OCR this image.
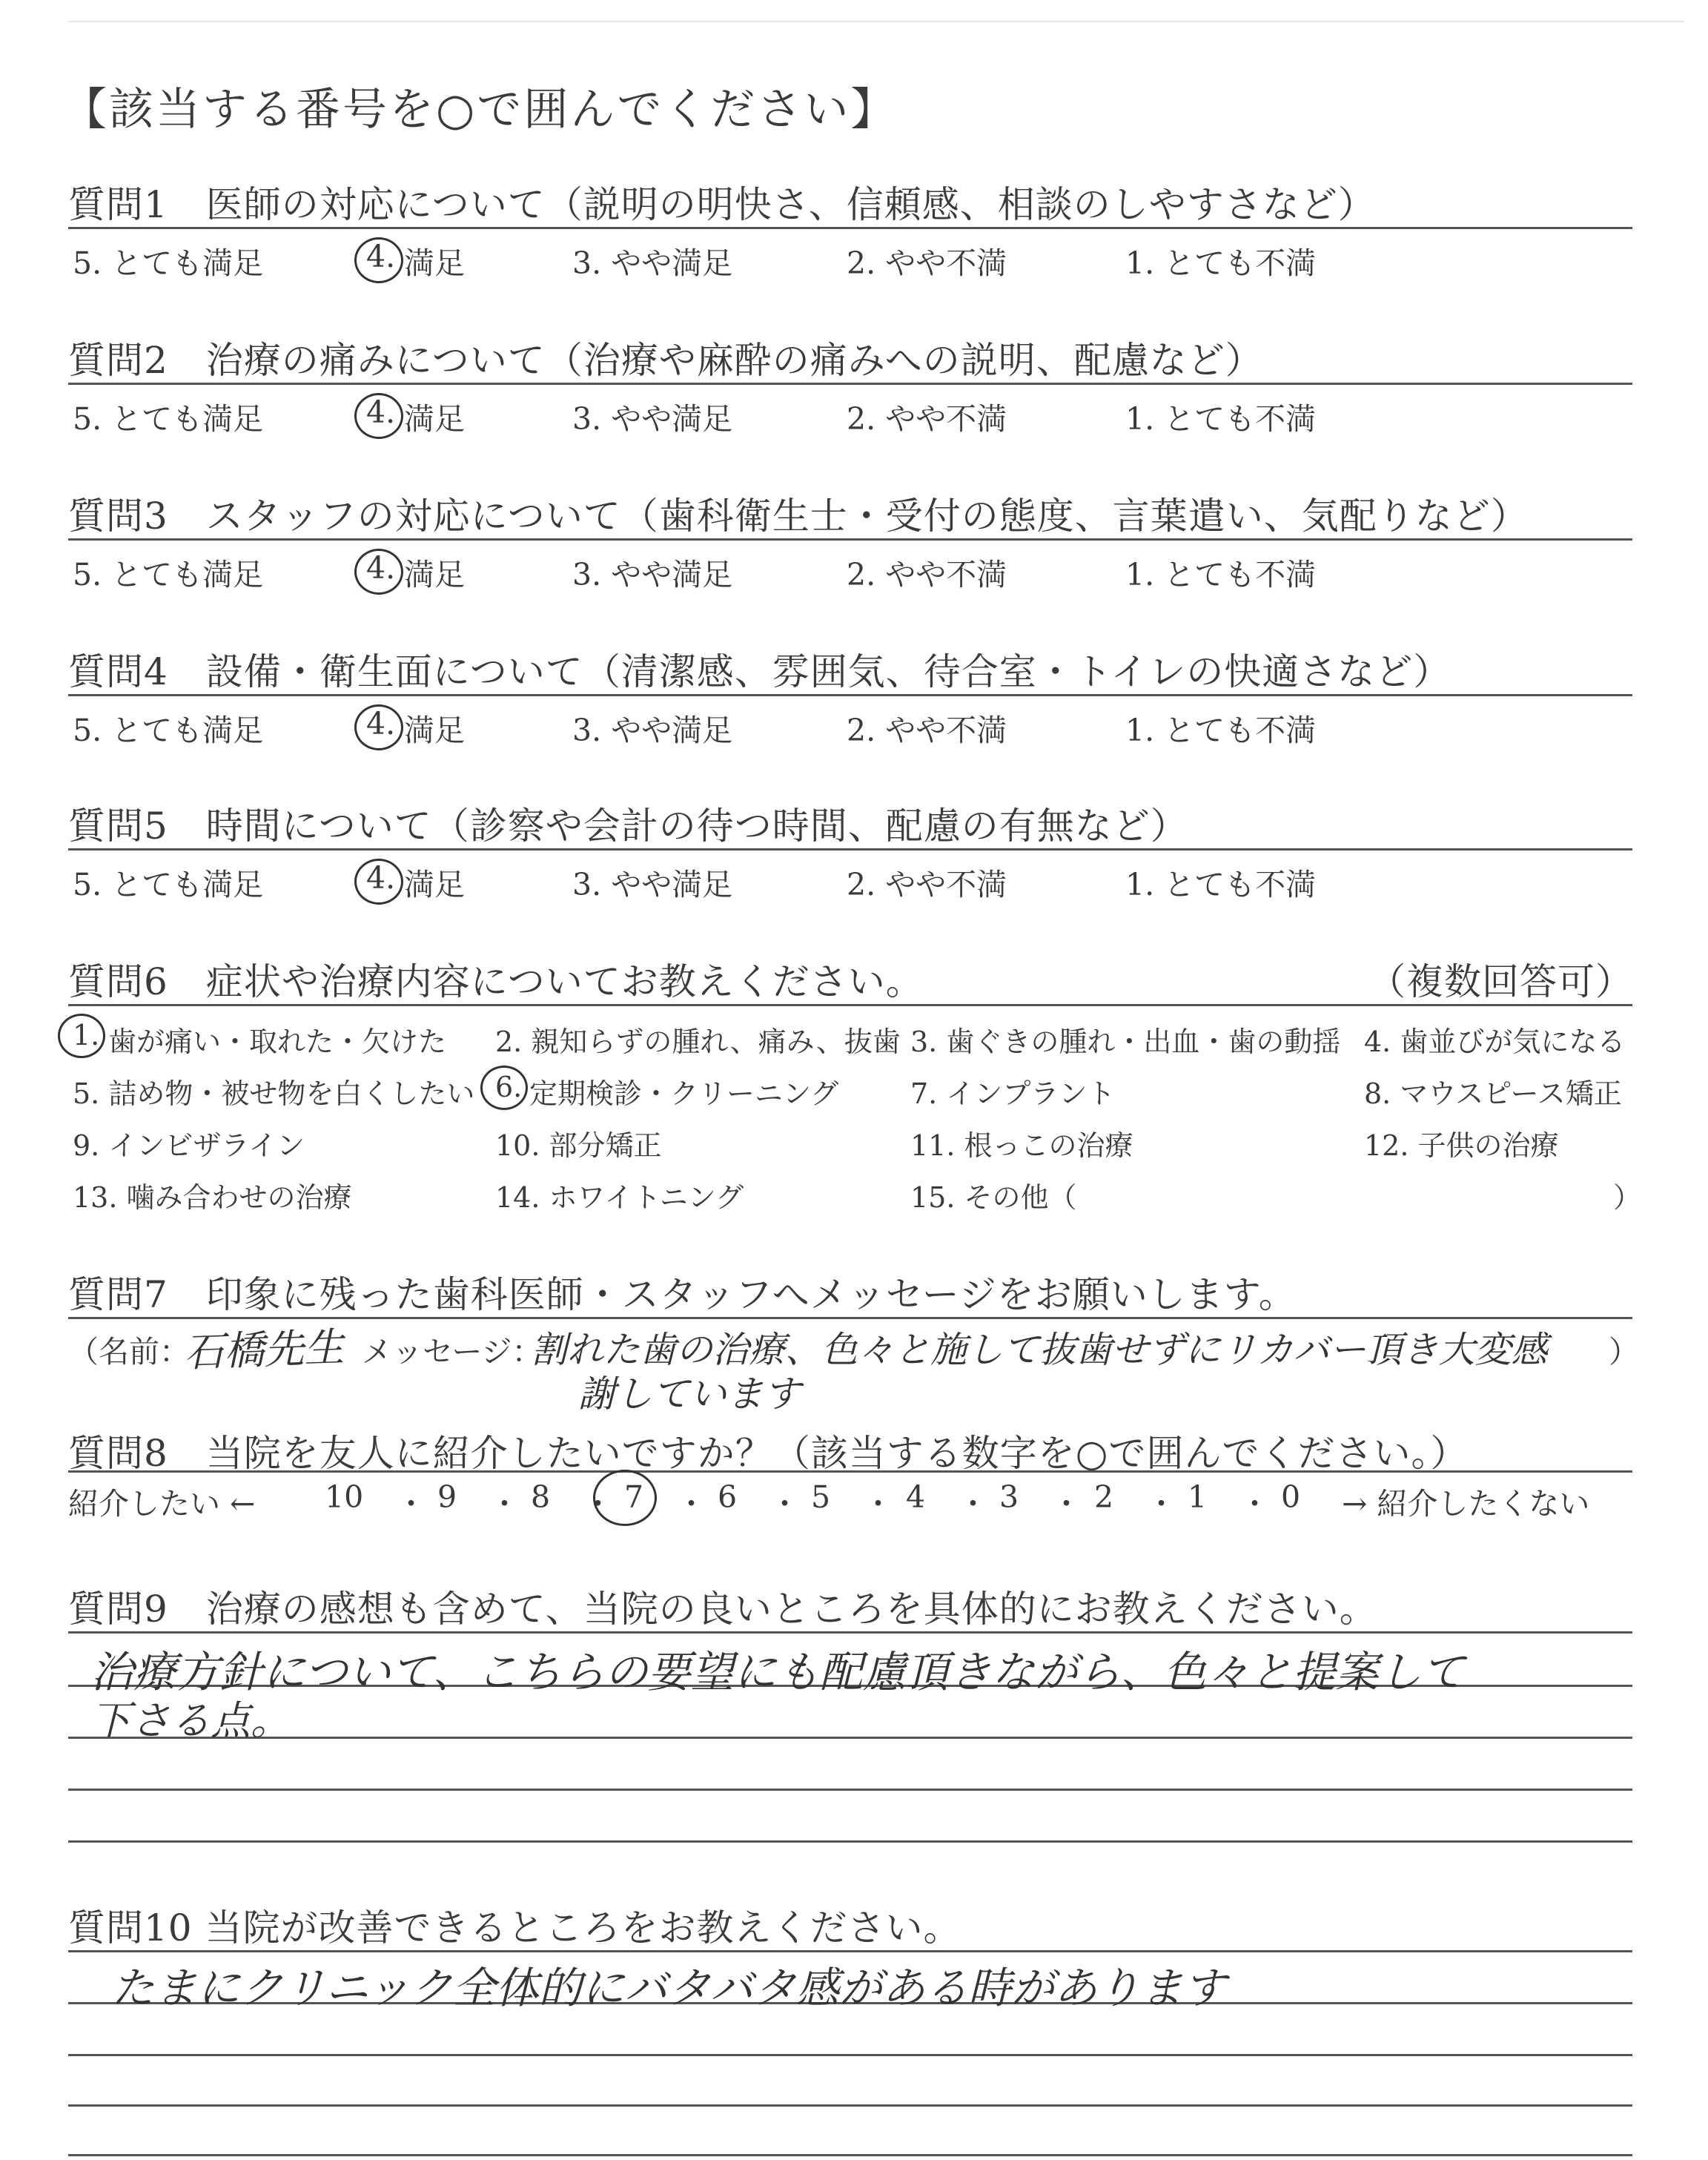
【該当する番号を○で囲んでください】
質問1　医師の対応について（説明の明快さ、信頼感、相談のしやすさなど）
5. とても満足	4. 満足	3. やや満足	2. やや不満	1. とても不満
質問2　治療の痛みについて（治療や麻酔の痛みへの説明、配慮など）
5. とても満足	4. 満足	3. やや満足	2. やや不満	1. とても不満
質問3　スタッフの対応について（歯科衛生士・受付の態度、言葉遣い、気配りなど）
5. とても満足	4. 満足	3. やや満足	2. やや不満	1. とても不満
質問4　設備・衛生面について（清潔感、雰囲気、待合室・トイレの快適さなど）
5. とても満足	4. 満足	3. やや満足	2. やや不満	1. とても不満
質問5　時間について（診察や会計の待つ時間、配慮の有無など）
5. とても満足	4. 満足	3. やや満足	2. やや不満	1. とても不満
質問6　症状や治療内容についてお教えください。	（複数回答可）
1. 歯が痛い・取れた・欠けた 2. 親知らずの腫れ、痛み、抜歯 3. 歯ぐきの腫れ・出血・歯の動揺 4. 歯並びが気になる
5. 詰め物・被せ物を白くしたい 6. 定期検診・クリーニング	7. インプラント	8. マウスピース矯正
9. インビザライン	10. 部分矯正	11. 根っこの治療	12. 子供の治療
13. 噛み合わせの治療	14. ホワイトニング	15. その他（	）
質問7　印象に残った歯科医師・スタッフへメッセージをお願いします。
（名前：
石橋先生 メッセージ：
割れた歯の治療、色々と施して抜歯せずにリカバー頂き大変感 ）
謝しています
質問8　当院を友人に紹介したいですか？（該当する数字を○で囲んでください。）
紹介したい ← 10 ・ 9 ・ 8 ・ 7 ・ 6 ・ 5 ・ 4 ・ 3 ・ 2 ・ 1 ・ 0 → 紹介したくない
質問9　治療の感想も含めて、当院の良いところを具体的にお教えください。
治療方針について、こちらの要望にも配慮頂きながら、色々と提案して
下さる点。
質問10 当院が改善できるところをお教えください。
たまにクリニック全体的にバタバタ感がある時があります
